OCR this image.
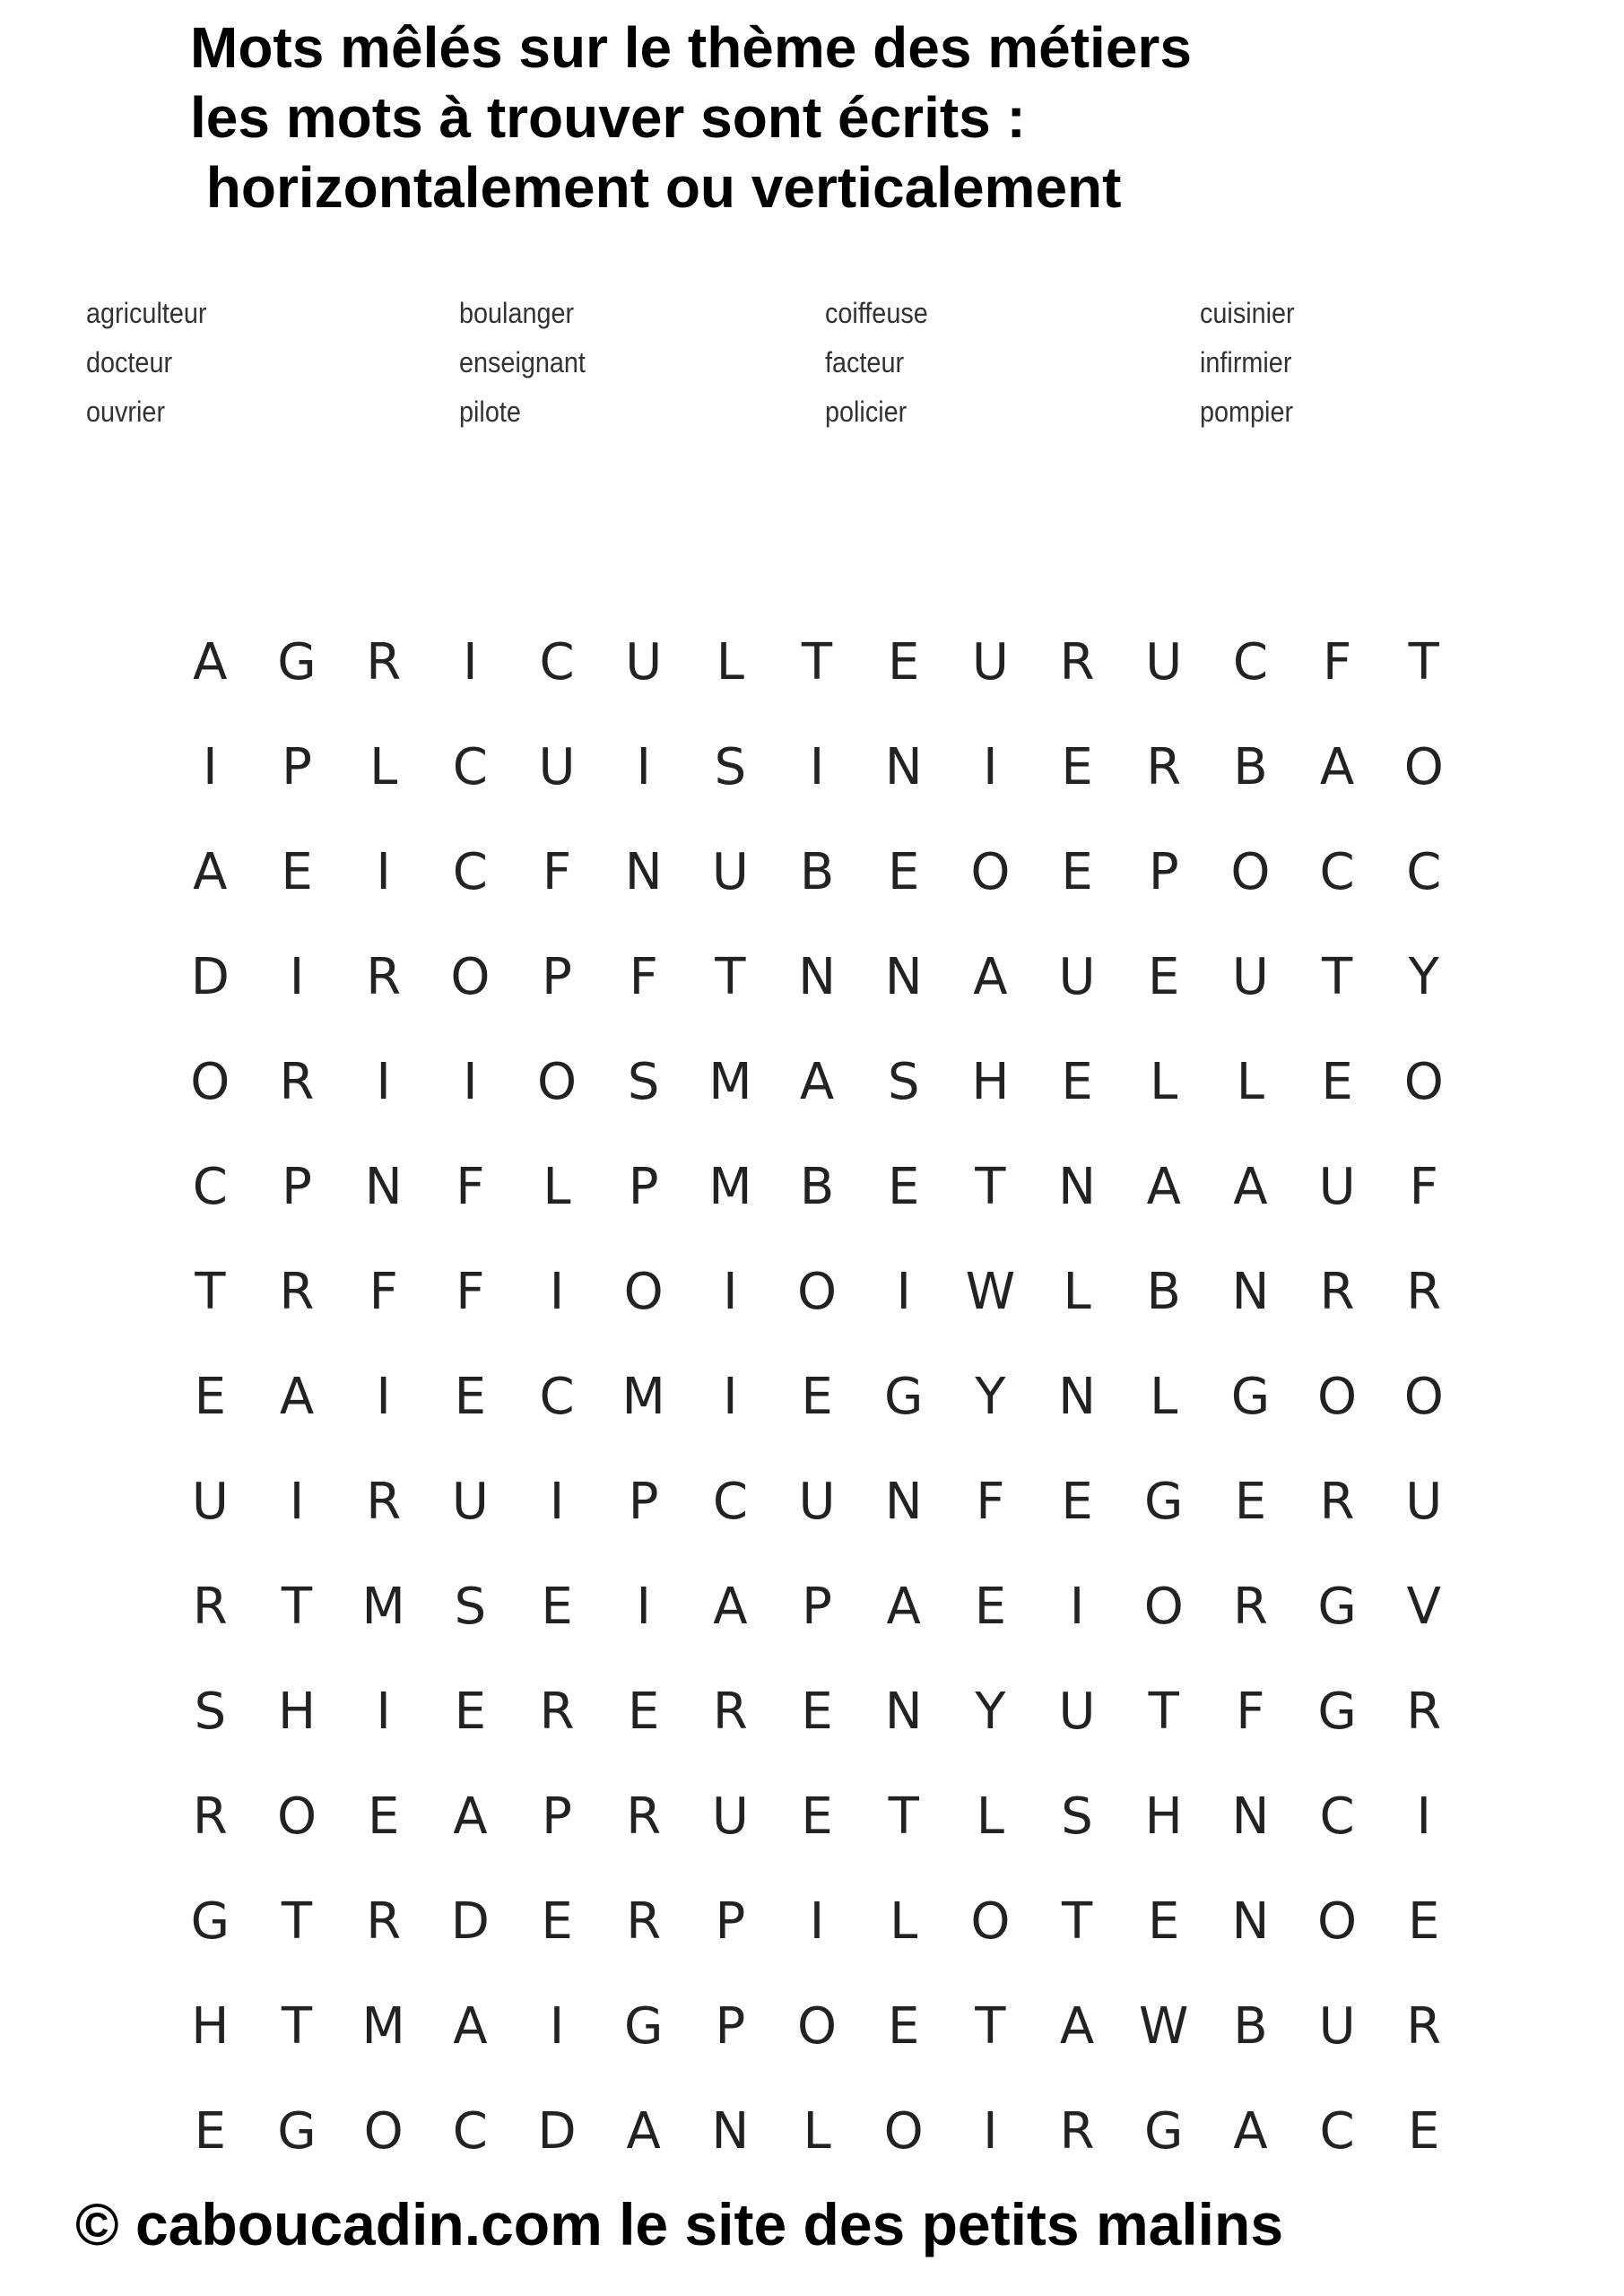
Mots mêlés sur le thème des métiers
les mots à trouver sont écrits :
horizontalement ou verticalement
agriculteur
docteur
ouvrier
boulanger
enseignant
pilote
coiffeuse
facteur
policier
cuisinier
infirmier
pompier
A G R	I	C	U	L	T	E	U	R	U	C	F	T
I	P	L	C	U	I	S	I	N	I	E	R	B	A O
A	E	I	C	F	N U	B	E	O	E	P	O C	C
D	I	R O	P	F	T	N N	A	U	E	U	T	Y
O R	I	I	O	S M A	S	H	E	L	L	E	O
C	P	N	F	L	P M B	E	T	N	A	A	U	F
T	R	F	F	I	O	I	O	I	W L	B	N	R	R
E	A	I	E	C M	I	E	G	Y	N	L	G O O
U	I	R	U	I	P	C	U N	F	E	G	E	R	U
R	T M S	E	I	A	P	A	E	I	O R G V
S	H	I	E	R	E	R	E	N	Y	U	T	F	G R
R O	E	A	P	R	U	E	T	L	S	H N	C	I
G	T	R D	E	R	P	I	L	O	T	E	N O	E
H	T M A	I	G	P	O	E	T	A W B	U	R
E	G O C D A	N	L	O	I	R G A	C	E
© caboucadin.com le site des petits malins
